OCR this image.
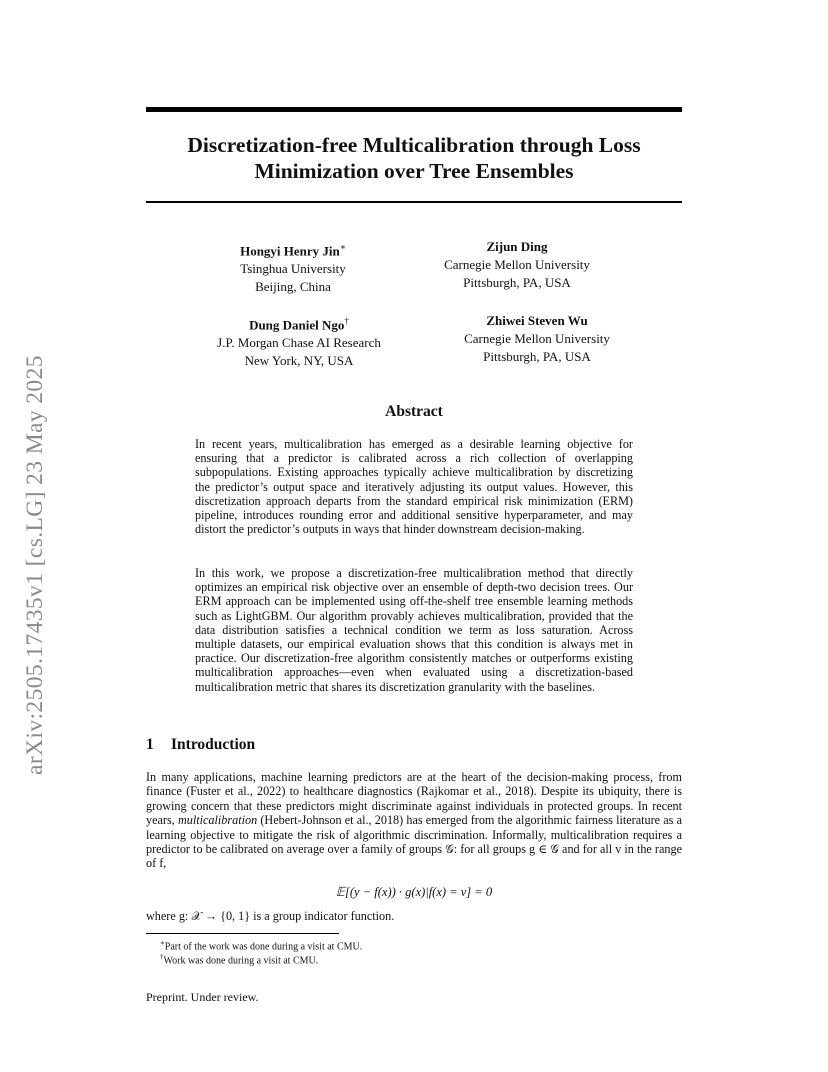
arXiv:2505.17435v1 [cs.LG] 23 May 2025
Discretization-free Multicalibration through Loss Minimization over Tree Ensembles
Hongyi Henry Jin∗
Tsinghua University
Beijing, China
Zijun Ding
Carnegie Mellon University
Pittsburgh, PA, USA
Dung Daniel Ngo†
J.P. Morgan Chase AI Research
New York, NY, USA
Zhiwei Steven Wu
Carnegie Mellon University
Pittsburgh, PA, USA
Abstract

In recent years, multicalibration has emerged as a desirable learning objective for ensuring that a predictor is calibrated across a rich collection of overlapping subpopulations. Existing approaches typically achieve multicalibration by discretizing the predictor’s output space and iteratively adjusting its output values. However, this discretization approach departs from the standard empirical risk minimization (ERM) pipeline, introduces rounding error and additional sensitive hyperparameter, and may distort the predictor’s outputs in ways that hinder downstream decision-making.

In this work, we propose a discretization-free multicalibration method that directly optimizes an empirical risk objective over an ensemble of depth-two decision trees. Our ERM approach can be implemented using off-the-shelf tree ensemble learning methods such as LightGBM. Our algorithm provably achieves multicalibration, provided that the data distribution satisfies a technical condition we term as loss saturation. Across multiple datasets, our empirical evaluation shows that this condition is always met in practice. Our discretization-free algorithm consistently matches or outperforms existing multicalibration approaches—even when evaluated using a discretization-based multicalibration metric that shares its discretization granularity with the baselines.

1 Introduction

In many applications, machine learning predictors are at the heart of the decision-making process, from finance (Fuster et al., 2022) to healthcare diagnostics (Rajkomar et al., 2018). Despite its ubiquity, there is growing concern that these predictors might discriminate against individuals in protected groups. In recent years, multicalibration (Hebert-Johnson et al., 2018) has emerged from the algorithmic fairness literature as a learning objective to mitigate the risk of algorithmic discrimination. Informally, multicalibration requires a predictor to be calibrated on average over a family of groups 𝒢: for all groups g ∈ 𝒢 and for all v in the range of f,

𝔼[(y − f(x)) · g(x)|f(x) = v] = 0

where g: 𝒳 → {0, 1} is a group indicator function.

∗Part of the work was done during a visit at CMU.
†Work was done during a visit at CMU.
Preprint. Under review.
